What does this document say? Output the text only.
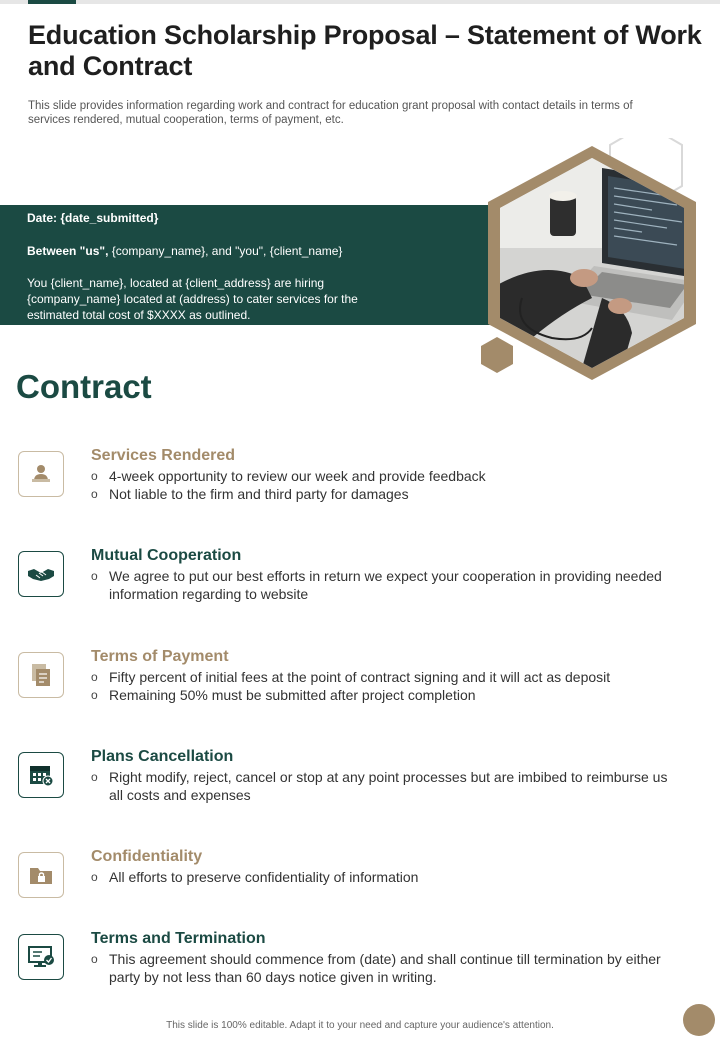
Education Scholarship Proposal – Statement of Work and Contract
This slide provides information regarding work and contract for education grant proposal with contact details in terms of services rendered, mutual cooperation, terms of payment, etc.
Date: {date_submitted}
Between "us", {company_name}, and "you", {client_name}
You {client_name}, located at {client_address} are hiring {company_name} located at (address) to cater services for the estimated total cost of $XXXX as outlined.
Contract
Services Rendered
o 4-week opportunity to review our week and provide feedback
o Not liable to the firm and third party for damages
Mutual Cooperation
o We agree to put our best efforts in return we expect your cooperation in providing needed information regarding to website
Terms of Payment
o Fifty percent of initial fees at the point of contract signing and it will act as deposit
o Remaining 50% must be submitted after project completion
Plans Cancellation
o Right modify, reject, cancel or stop at any point processes but are imbibed to reimburse us all costs and expenses
Confidentiality
o All efforts to preserve confidentiality of information
Terms and Termination
o This agreement should commence from (date) and shall continue till termination by either party by not less than 60 days notice given in writing.
This slide is 100% editable. Adapt it to your need and capture your audience's attention.
